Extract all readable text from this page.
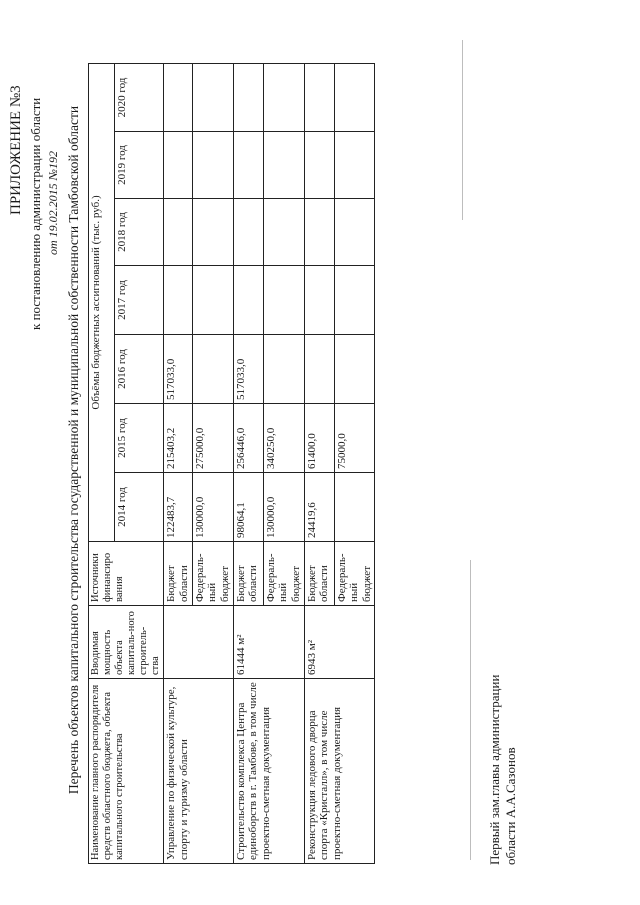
ПРИЛОЖЕНИЕ №3 к постановлению администрации области от 19.02.2015 №192 Перечень объектов капитального строительства государственной и муниципальной собственности Тамбовской области Наименование главного распорядителя средств областного бюджета, объекта капитального строительства	Вводимая мощность объекта капиталь-ного строитель-ства	Источники финансиро вания	Объёмы бюджетных ассигнований (тыс. руб.)						
			2014 год	2015 год	2016 год	2017 год	2018 год	2019 год	2020 год
Управление по физической культуре, спорту и туризму области		Бюджет области	122483,7	215403,2	517033,0				
		Федераль-ный бюджет	130000,0	275000,0					
Строительство комплекса Центра единоборств в г. Тамбове, в том числе проектно-сметная документация	61444 м²	Бюджет области	98064,1	256446,0	517033,0				
		Федераль-ный бюджет	130000,0	340250,0					
Реконструкция ледового дворца спорта «Кристалл», в том числе проектно-сметная документация	6943 м²	Бюджет области	24419,6	61400,0					
		Федераль-ный бюджет		75000,0					
Первый зам.главы администрации области А.А.Сазонов
